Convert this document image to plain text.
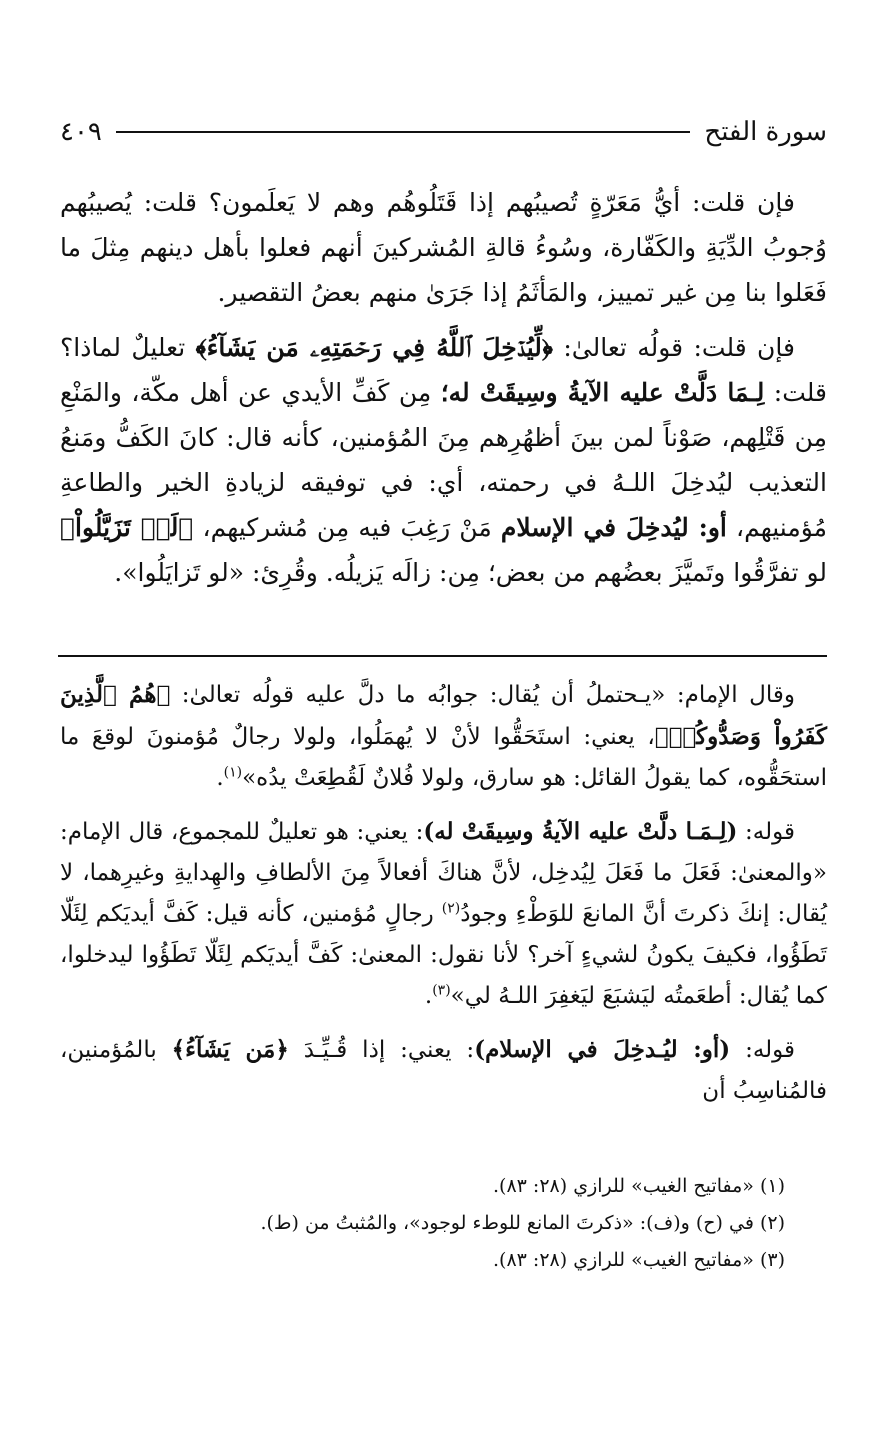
سورة الفتح
٤٠٩

فإن قلت: أيُّ مَعَرّةٍ تُصيبُهم إذا قَتَلُوهُم وهم لا يَعلَمون؟ قلت: يُصيبُهم وُجوبُ الدِّيَةِ والكَفّارة، وسُوءُ قالةِ المُشركينَ أنهم فعلوا بأهل دينهم مِثلَ ما فَعَلوا بنا مِن غير تمييز، والمَأثَمُ إذا جَرَىٰ منهم بعضُ التقصير.

فإن قلت: قولُه تعالىٰ: ﴿لِّيُدۡخِلَ ٱللَّهُ فِي رَحۡمَتِهِۦ مَن يَشَآءُ﴾ تعليلٌ لماذا؟ قلت: لِـمَا دَلَّتْ عليه الآيةُ وسِيقَتْ له؛ مِن كَفِّ الأيدي عن أهل مكّة، والمَنْعِ مِن قَتْلِهم، صَوْناً لمن بينَ أظهُرِهم مِنَ المُؤمنين، كأنه قال: كانَ الكَفُّ ومَنعُ التعذيب ليُدخِلَ اللـهُ في رحمته، أي: في توفيقه لزيادةِ الخير والطاعةِ مُؤمنيهم، أو: ليُدخِلَ في الإسلام مَنْ رَغِبَ فيه مِن مُشركيهم، ﴿لَوۡ تَزَيَّلُواْ﴾ لو تفرَّقُوا وتَميَّزَ بعضُهم من بعض؛ مِن: زالَه يَزيلُه. وقُرِئ: «لو تَزايَلُوا».

وقال الإمام: «يـحتملُ أن يُقال: جوابُه ما دلَّ عليه قولُه تعالىٰ: ﴿هُمُ ٱلَّذِينَ كَفَرُواْ وَصَدُّوكُمۡ﴾، يعني: استَحَقُّوا لأنْ لا يُهمَلُوا، ولولا رجالٌ مُؤمنونَ لوقعَ ما استحَقُّوه، كما يقولُ القائل: هو سارق، ولولا فُلانٌ لَقُطِعَتْ يدُه»$^{(١)}$.

قوله: (لِـمَـا دلَّتْ عليه الآيةُ وسِيقَتْ له): يعني: هو تعليلٌ للمجموع، قال الإمام: «والمعنىٰ: فَعَلَ ما فَعَلَ لِيُدخِل، لأنَّ هناكَ أفعالاً مِنَ الألطافِ والهِدايةِ وغيرِهما، لا يُقال: إنكَ ذكرتَ أنَّ المانعَ للوَطْءِ وجودُ$^{(٢)}$ رجالٍ مُؤمنين، كأنه قيل: كَفَّ أيديَكم لِئَلّا تَطَؤُوا، فكيفَ يكونُ لشيءٍ آخر؟ لأنا نقول: المعنىٰ: كَفَّ أيديَكم لِئَلّا تَطَؤُوا ليدخلوا، كما يُقال: أطعَمتُه ليَشبَعَ ليَغفِرَ اللـهُ لي»$^{(٣)}$.

قوله: (أو: ليُـدخِلَ في الإسلام): يعني: إذا قُـيِّـدَ ﴿مَن يَشَآءُ﴾ بالمُؤمنين، فالمُناسِبُ أن

(١) «مفاتيح الغيب» للرازي (٢٨: ٨٣).

(٢) في (ح) و(ف): «ذكرتَ المانع للوطء لوجود»، والمُثبتُ من (ط).

(٣) «مفاتيح الغيب» للرازي (٢٨: ٨٣).
